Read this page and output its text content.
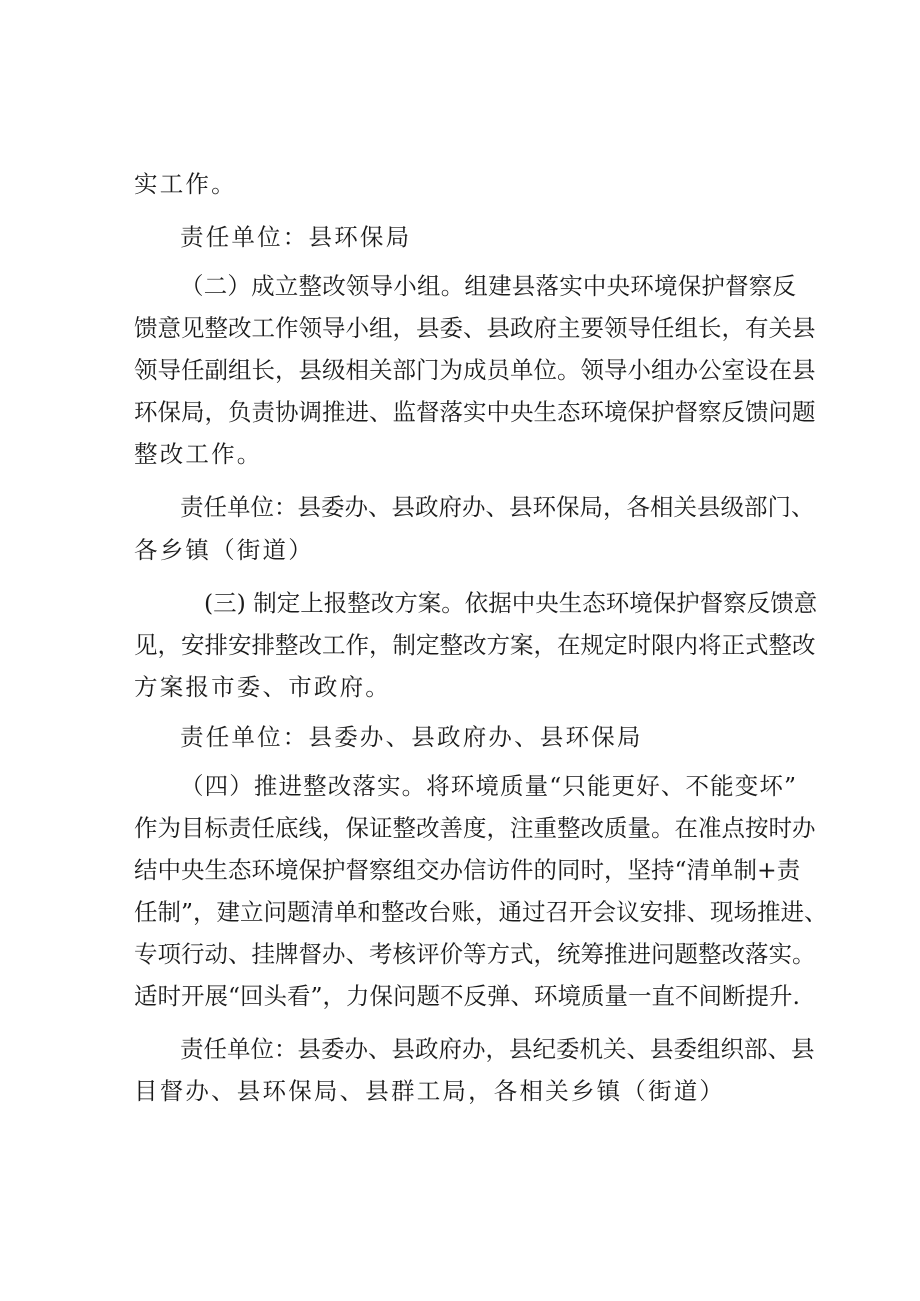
实工作。
责任单位：县环保局
（二）成立整改领导小组。组建县落实中央环境保护督察反
馈意见整改工作领导小组，县委、县政府主要领导任组长，有关县
领导任副组长，县级相关部门为成员单位。领导小组办公室设在县
环保局，负责协调推进、监督落实中央生态环境保护督察反馈问题
整改工作。
责任单位：县委办、县政府办、县环保局，各相关县级部门、
各乡镇（街道）
(三) 制定上报整改方案。依据中央生态环境保护督察反馈意
见，安排安排整改工作，制定整改方案，在规定时限内将正式整改
方案报市委、市政府。
责任单位：县委办、县政府办、县环保局
（四）推进整改落实。将环境质量“只能更好、不能变坏”
作为目标责任底线，保证整改善度，注重整改质量。在准点按时办
结中央生态环境保护督察组交办信访件的同时，坚持“清单制+责
任制”，建立问题清单和整改台账，通过召开会议安排、现场推进、
专项行动、挂牌督办、考核评价等方式，统筹推进问题整改落实。
适时开展“回头看”，力保问题不反弹、环境质量一直不间断提升.
责任单位：县委办、县政府办，县纪委机关、县委组织部、县
目督办、县环保局、县群工局，各相关乡镇（街道）
